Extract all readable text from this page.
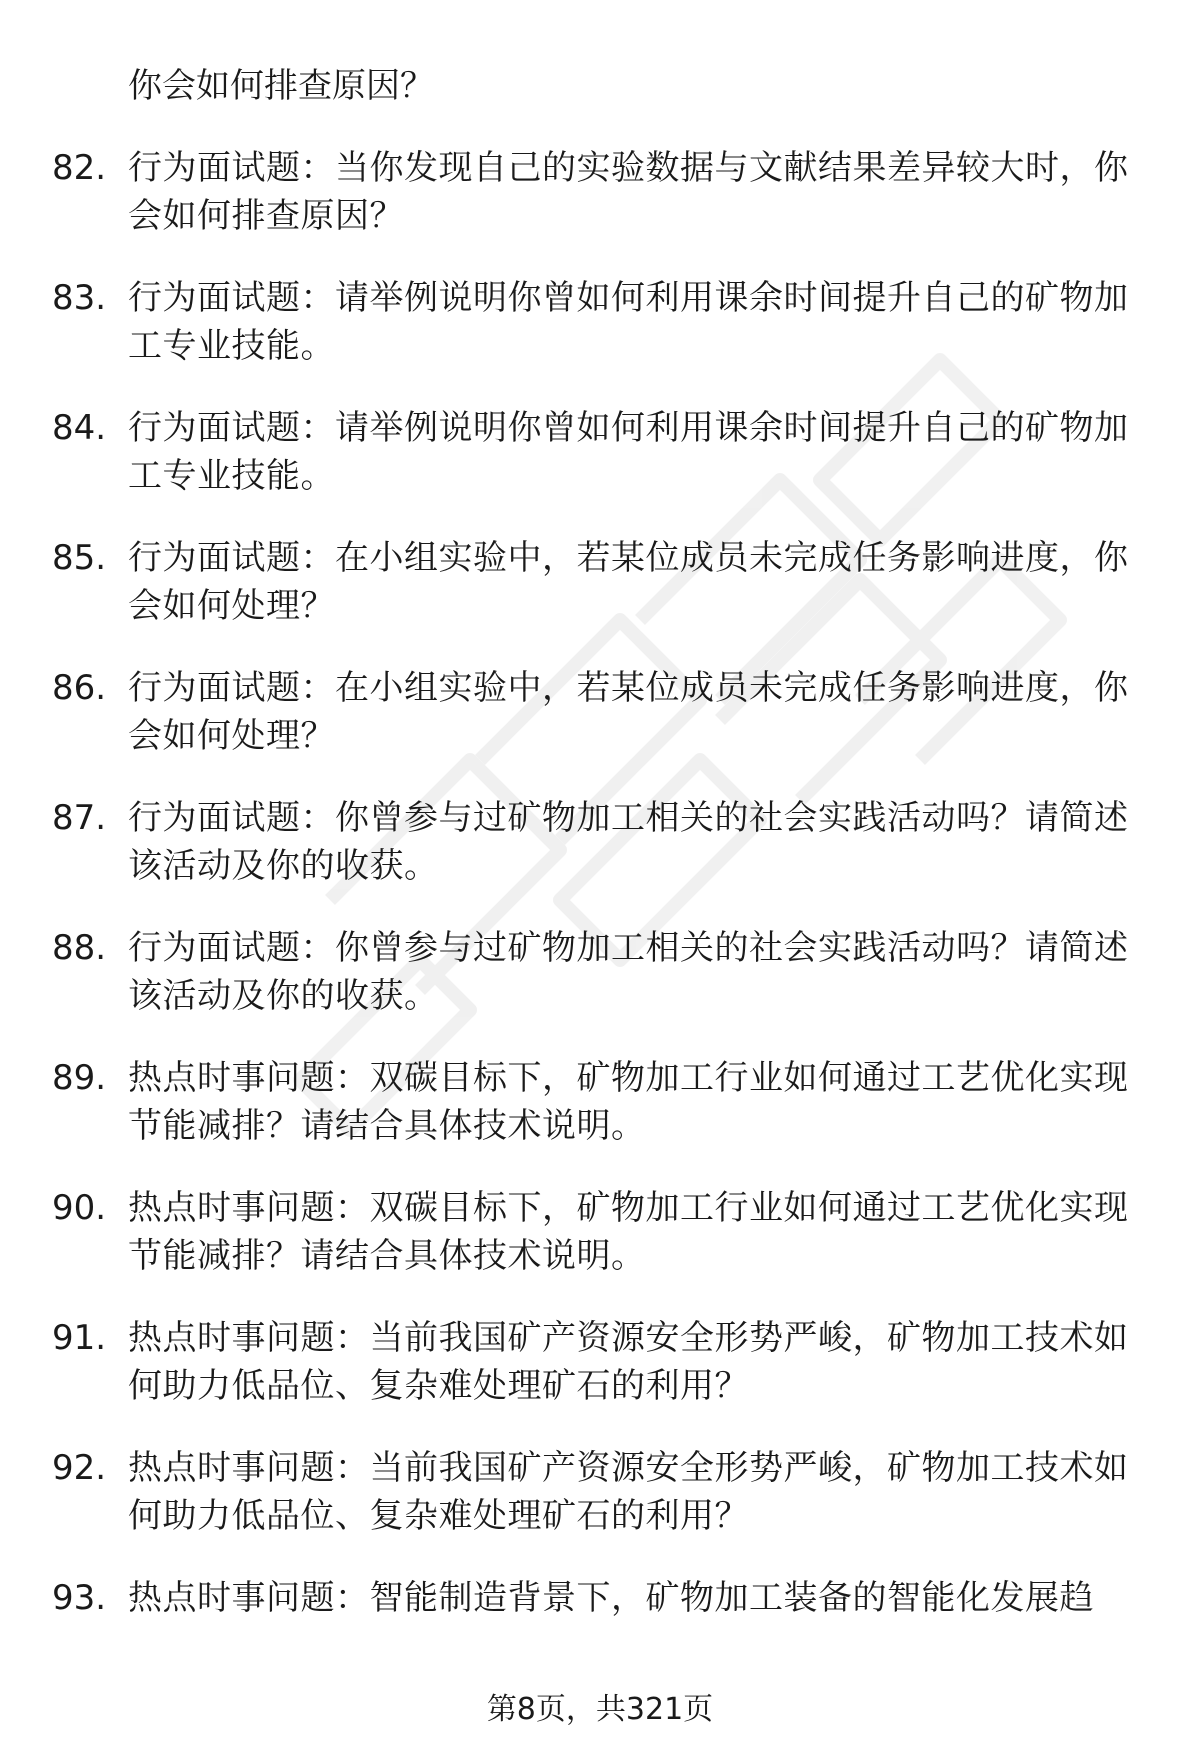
你会如何排查原因？

82. 行为面试题：当你发现自己的实验数据与文献结果差异较大时，你会如何排查原因？
83. 行为面试题：请举例说明你曾如何利用课余时间提升自己的矿物加工专业技能。
84. 行为面试题：请举例说明你曾如何利用课余时间提升自己的矿物加工专业技能。
85. 行为面试题：在小组实验中，若某位成员未完成任务影响进度，你会如何处理？
86. 行为面试题：在小组实验中，若某位成员未完成任务影响进度，你会如何处理？
87. 行为面试题：你曾参与过矿物加工相关的社会实践活动吗？请简述该活动及你的收获。
88. 行为面试题：你曾参与过矿物加工相关的社会实践活动吗？请简述该活动及你的收获。
89. 热点时事问题：双碳目标下，矿物加工行业如何通过工艺优化实现节能减排？请结合具体技术说明。
90. 热点时事问题：双碳目标下，矿物加工行业如何通过工艺优化实现节能减排？请结合具体技术说明。
91. 热点时事问题：当前我国矿产资源安全形势严峻，矿物加工技术如何助力低品位、复杂难处理矿石的利用？
92. 热点时事问题：当前我国矿产资源安全形势严峻，矿物加工技术如何助力低品位、复杂难处理矿石的利用？
93. 热点时事问题：智能制造背景下，矿物加工装备的智能化发展趋
第8页，共321页
